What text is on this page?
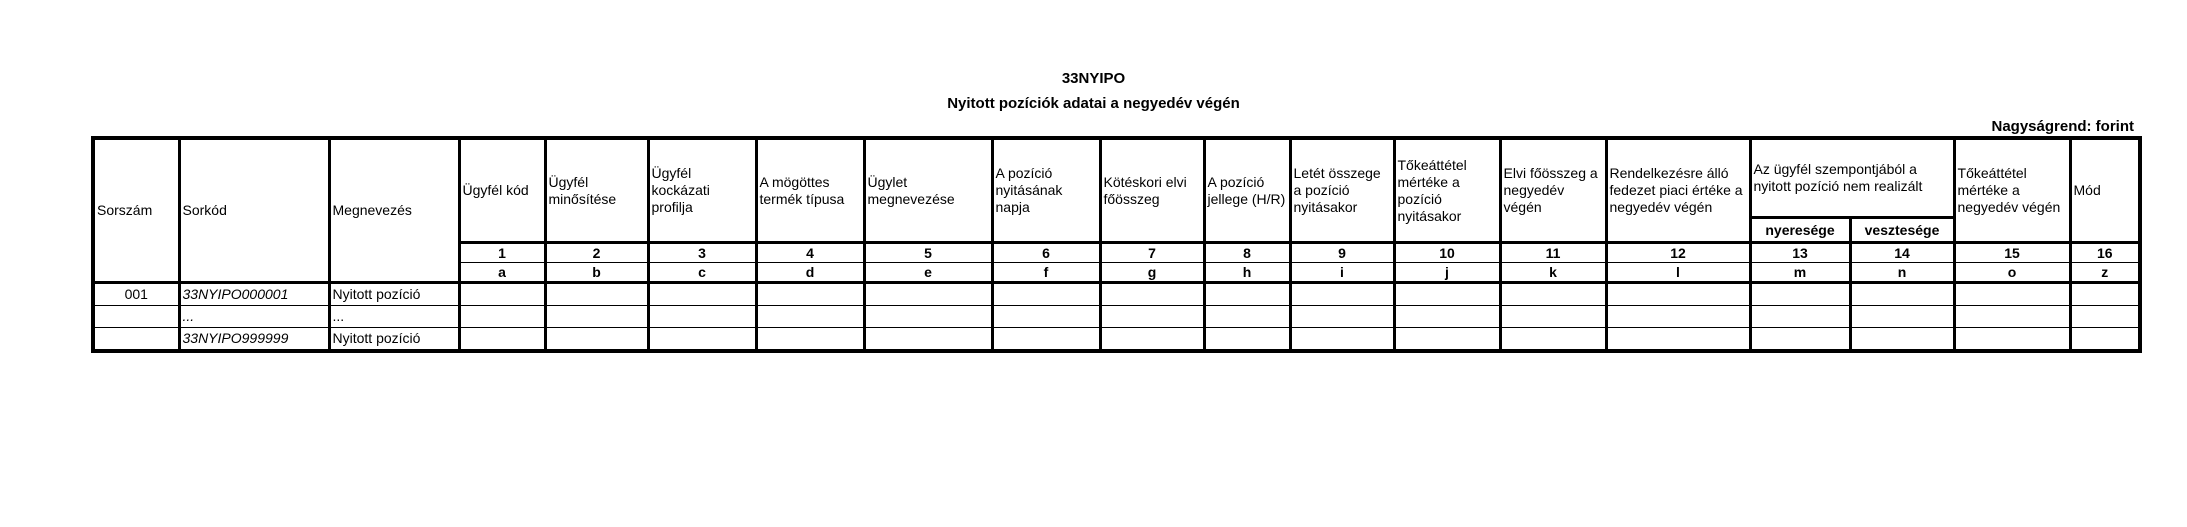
33NYIPO
Nyitott pozíciók adatai a negyedév végén
Nagyságrend: forint
Sorszám	Sorkód	Megnevezés	Ügyfél kód	Ügyfél minősítése	Ügyfél kockázati profilja	A mögöttes termék típusa	Ügylet megnevezése	A pozíció nyitásának napja	Kötéskori elvi főösszeg	A pozíció jellege (H/R)	Letét összege a pozíció nyitásakor	Tőkeáttétel mértéke a pozíció nyitásakor	Elvi főösszeg a negyedév végén	Rendelkezésre álló fedezet piaci értéke a negyedév végén	Az ügyfél szempontjából a nyitott pozíció nem realizált		Tőkeáttétel mértéke a negyedév végén	Mód
															nyeresége	vesztesége		
			1	2	3	4	5	6	7	8	9	10	11	12	13	14	15	16
			a	b	c	d	e	f	g	h	i	j	k	l	m	n	o	z
001	33NYIPO000001	Nyitott pozíció																
	...	...																
	33NYIPO999999	Nyitott pozíció																
